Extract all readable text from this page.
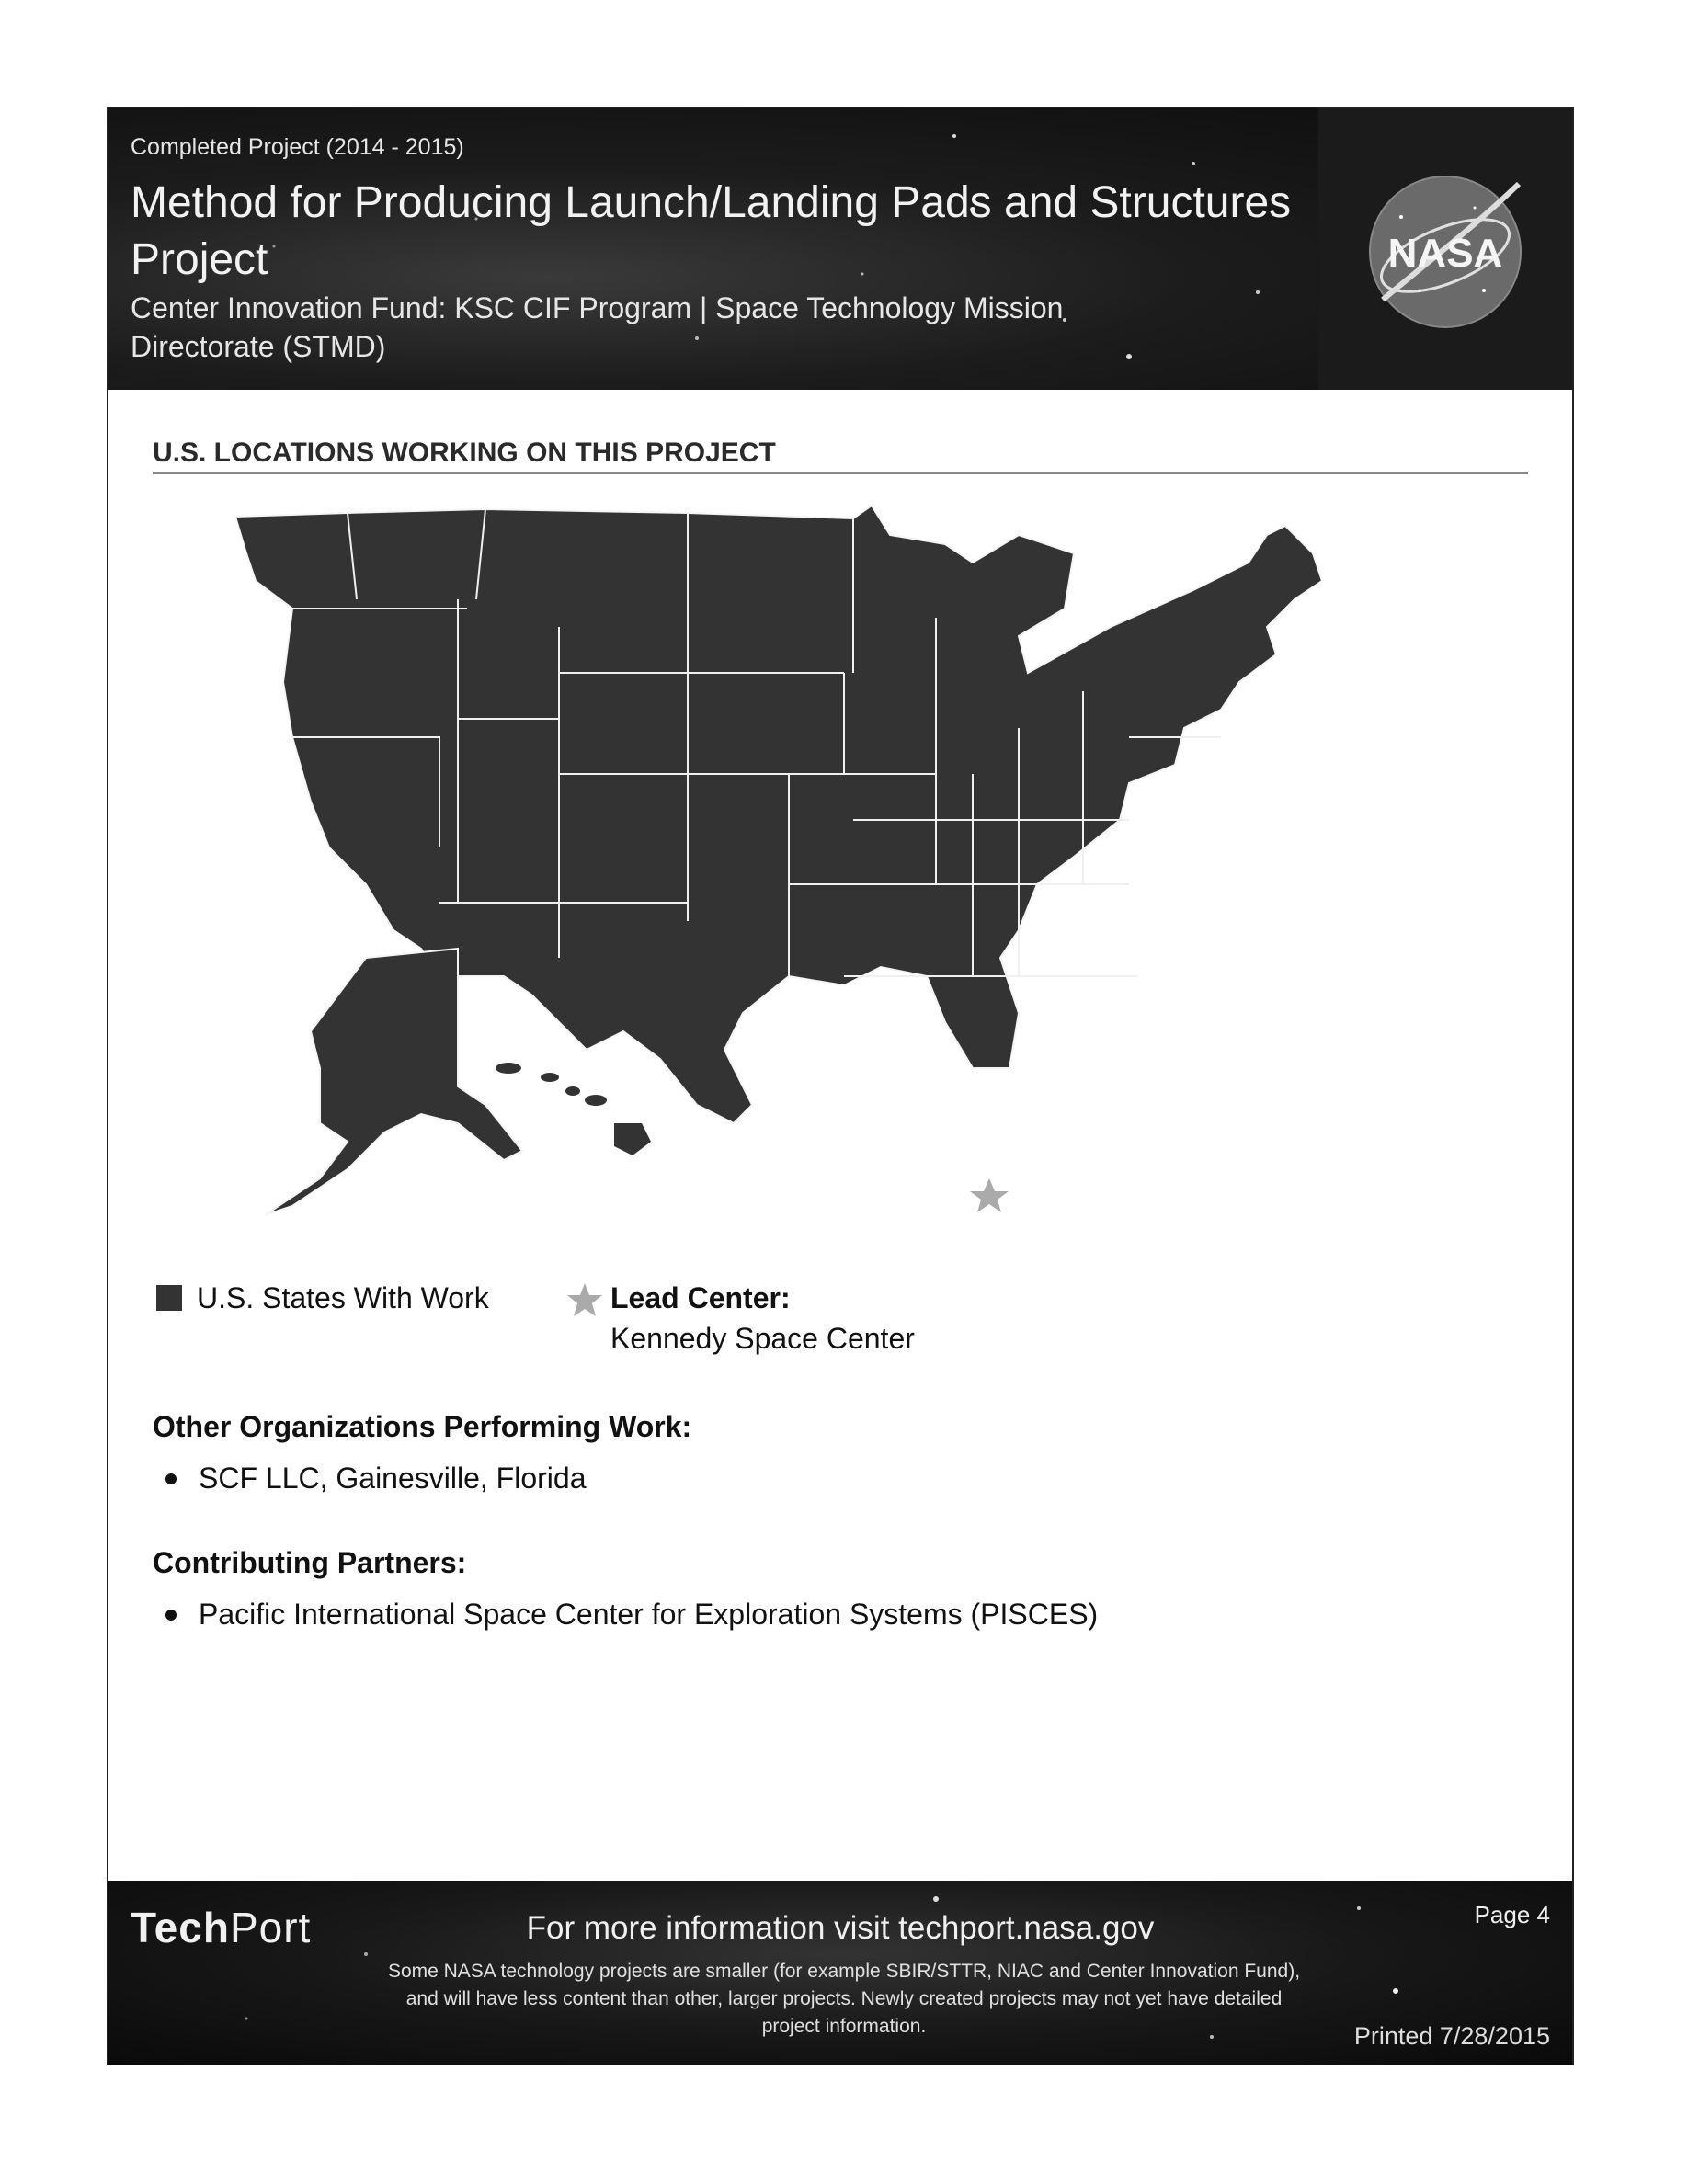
Completed Project (2014 - 2015)
Method for Producing Launch/Landing Pads and Structures Project
Center Innovation Fund: KSC CIF Program | Space Technology Mission Directorate (STMD)
NASA
U.S. LOCATIONS WORKING ON THIS PROJECT
U.S. States With Work	Lead Center:
Kennedy Space Center
Other Organizations Performing Work:
SCF LLC, Gainesville, Florida
Contributing Partners:
Pacific International Space Center for Exploration Systems (PISCES)
TechPort	For more information visit techport.nasa.gov
Some NASA technology projects are smaller (for example SBIR/STTR, NIAC and Center Innovation Fund), and will have less content than other, larger projects. Newly created projects may not yet have detailed project information.
Page 4
Printed 7/28/2015
